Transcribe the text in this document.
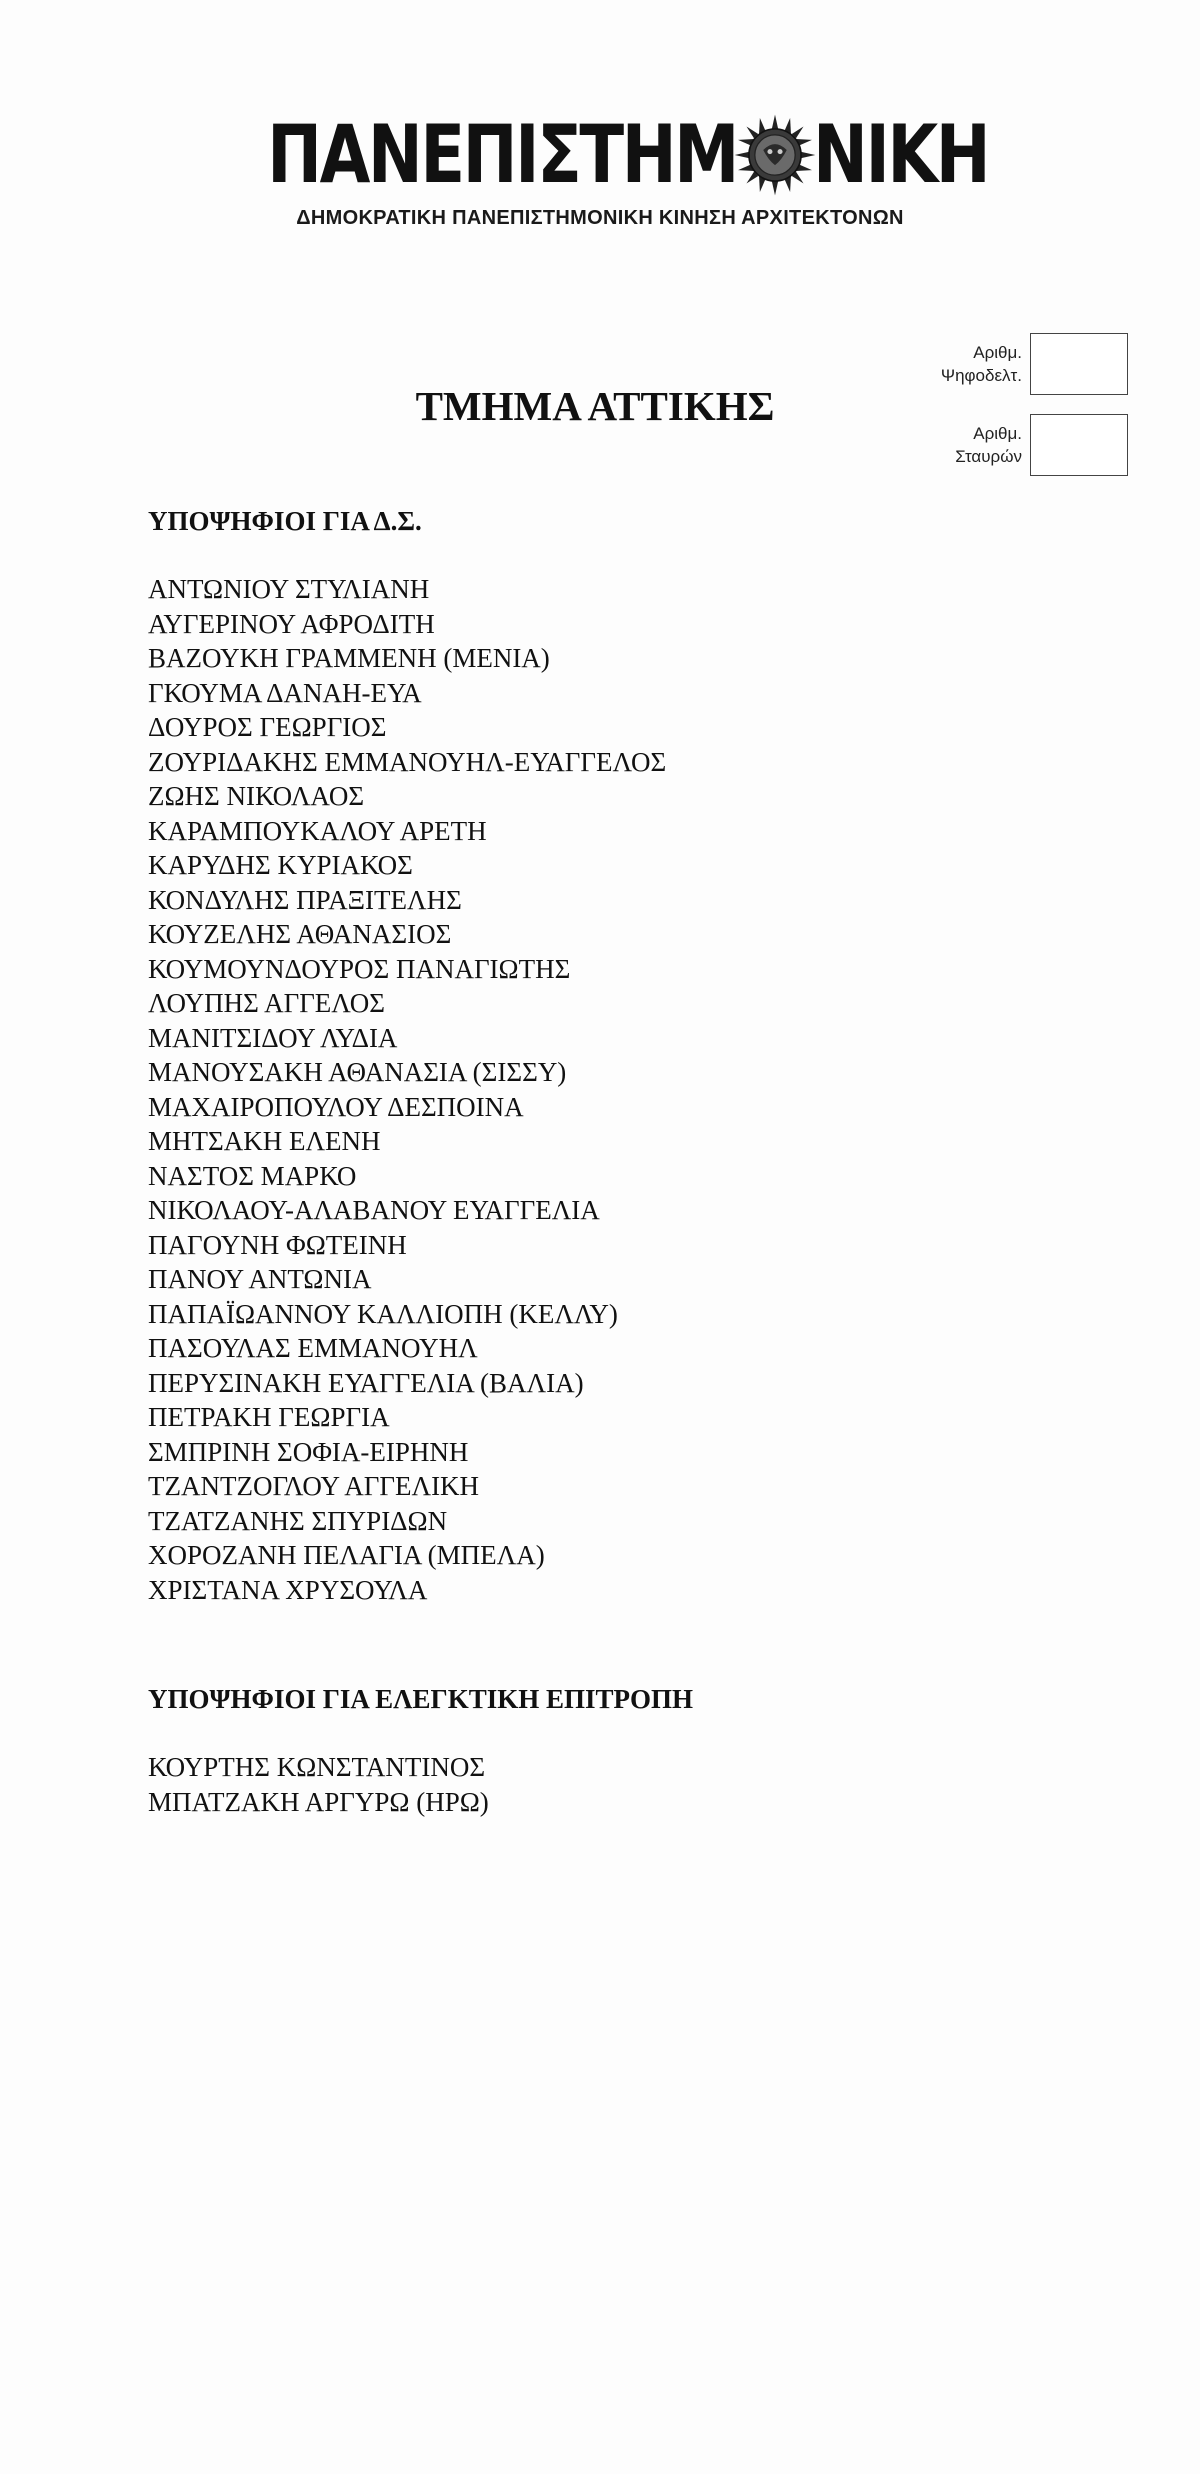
ΠΑΝΕΠΙΣΤΗΜ ΝΙΚΗ
ΔΗΜΟΚΡΑΤΙΚΗ ΠΑΝΕΠΙΣΤΗΜΟΝΙΚΗ ΚΙΝΗΣΗ ΑΡΧΙΤΕΚΤΟΝΩΝ
Αριθμ.
Ψηφοδελτ.
Αριθμ.
Σταυρών
ΤΜΗΜΑ ΑΤΤΙΚΗΣ
ΥΠΟΨΗΦΙΟΙ ΓΙΑ Δ.Σ.
ΑΝΤΩΝΙΟΥ ΣΤΥΛΙΑΝΗ
ΑΥΓΕΡΙΝΟΥ ΑΦΡΟΔΙΤΗ
ΒΑΖΟΥΚΗ ΓΡΑΜΜΕΝΗ (ΜΕΝΙΑ)
ΓΚΟΥΜΑ ΔΑΝΑΗ-ΕΥΑ
ΔΟΥΡΟΣ ΓΕΩΡΓΙΟΣ
ΖΟΥΡΙΔΑΚΗΣ ΕΜΜΑΝΟΥΗΛ-ΕΥΑΓΓΕΛΟΣ
ΖΩΗΣ ΝΙΚΟΛΑΟΣ
ΚΑΡΑΜΠΟΥΚΑΛΟΥ ΑΡΕΤΗ
ΚΑΡΥΔΗΣ ΚΥΡΙΑΚΟΣ
ΚΟΝΔΥΛΗΣ ΠΡΑΞΙΤΕΛΗΣ
ΚΟΥΖΕΛΗΣ ΑΘΑΝΑΣΙΟΣ
ΚΟΥΜΟΥΝΔΟΥΡΟΣ ΠΑΝΑΓΙΩΤΗΣ
ΛΟΥΠΗΣ ΑΓΓΕΛΟΣ
ΜΑΝΙΤΣΙΔΟΥ ΛΥΔΙΑ
ΜΑΝΟΥΣΑΚΗ ΑΘΑΝΑΣΙΑ (ΣΙΣΣΥ)
ΜΑΧΑΙΡΟΠΟΥΛΟΥ ΔΕΣΠΟΙΝΑ
ΜΗΤΣΑΚΗ ΕΛΕΝΗ
ΝΑΣΤΟΣ ΜΑΡΚΟ
ΝΙΚΟΛΑΟΥ-ΑΛΑΒΑΝΟΥ ΕΥΑΓΓΕΛΙΑ
ΠΑΓΟΥΝΗ ΦΩΤΕΙΝΗ
ΠΑΝΟΥ ΑΝΤΩΝΙΑ
ΠΑΠΑΪΩΑΝΝΟΥ ΚΑΛΛΙΟΠΗ (ΚΕΛΛΥ)
ΠΑΣΟΥΛΑΣ ΕΜΜΑΝΟΥΗΛ
ΠΕΡΥΣΙΝΑΚΗ ΕΥΑΓΓΕΛΙΑ (ΒΑΛΙΑ)
ΠΕΤΡΑΚΗ ΓΕΩΡΓΙΑ
ΣΜΠΡΙΝΗ ΣΟΦΙΑ-ΕΙΡΗΝΗ
ΤΖΑΝΤΖΟΓΛΟΥ ΑΓΓΕΛΙΚΗ
ΤΖΑΤΖΑΝΗΣ ΣΠΥΡΙΔΩΝ
ΧΟΡΟΖΑΝΗ ΠΕΛΑΓΙΑ (ΜΠΕΛΑ)
ΧΡΙΣΤΑΝΑ ΧΡΥΣΟΥΛΑ
ΥΠΟΨΗΦΙΟΙ ΓΙΑ ΕΛΕΓΚΤΙΚΗ ΕΠΙΤΡΟΠΗ
ΚΟΥΡΤΗΣ ΚΩΝΣΤΑΝΤΙΝΟΣ
ΜΠΑΤΖΑΚΗ ΑΡΓΥΡΩ (ΗΡΩ)
